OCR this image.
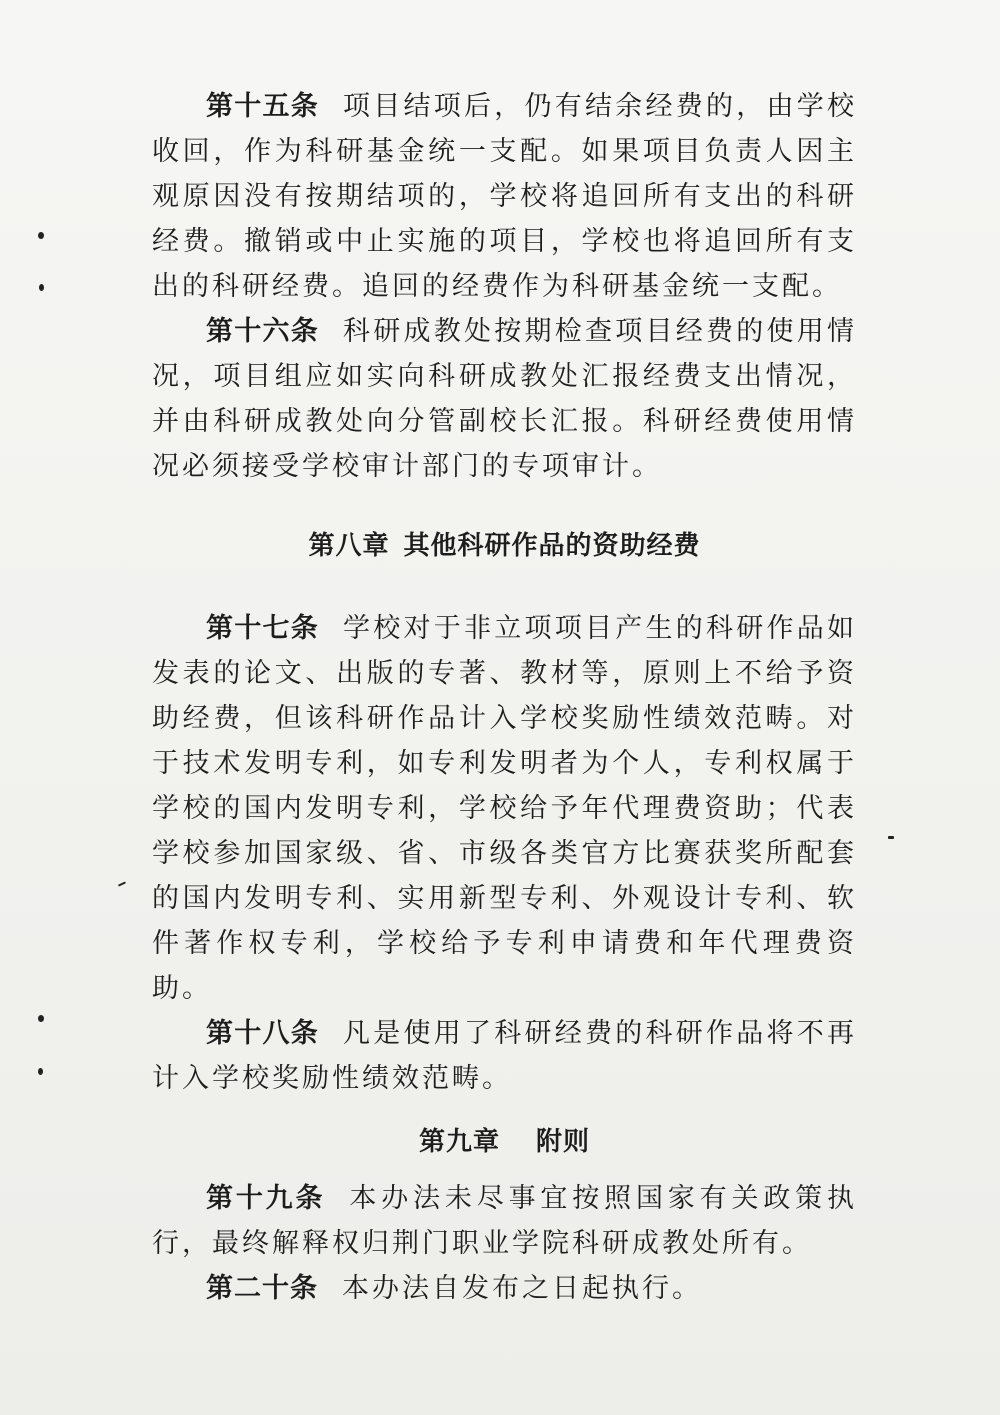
第十五条 项目结项后，仍有结余经费的，由学校收回，作为科研基金统一支配。如果项目负责人因主观原因没有按期结项的，学校将追回所有支出的科研经费。撤销或中止实施的项目，学校也将追回所有支出的科研经费。追回的经费作为科研基金统一支配。

第十六条 科研成教处按期检查项目经费的使用情况，项目组应如实向科研成教处汇报经费支出情况，并由科研成教处向分管副校长汇报。科研经费使用情况必须接受学校审计部门的专项审计。

第八章 其他科研作品的资助经费

第十七条 学校对于非立项项目产生的科研作品如发表的论文、出版的专著、教材等，原则上不给予资助经费，但该科研作品计入学校奖励性绩效范畴。对于技术发明专利，如专利发明者为个人，专利权属于学校的国内发明专利，学校给予年代理费资助；代表学校参加国家级、省、市级各类官方比赛获奖所配套的国内发明专利、实用新型专利、外观设计专利、软件著作权专利，学校给予专利申请费和年代理费资助。

第十八条 凡是使用了科研经费的科研作品将不再计入学校奖励性绩效范畴。

第九章 附则

第十九条 本办法未尽事宜按照国家有关政策执行，最终解释权归荆门职业学院科研成教处所有。

第二十条 本办法自发布之日起执行。
